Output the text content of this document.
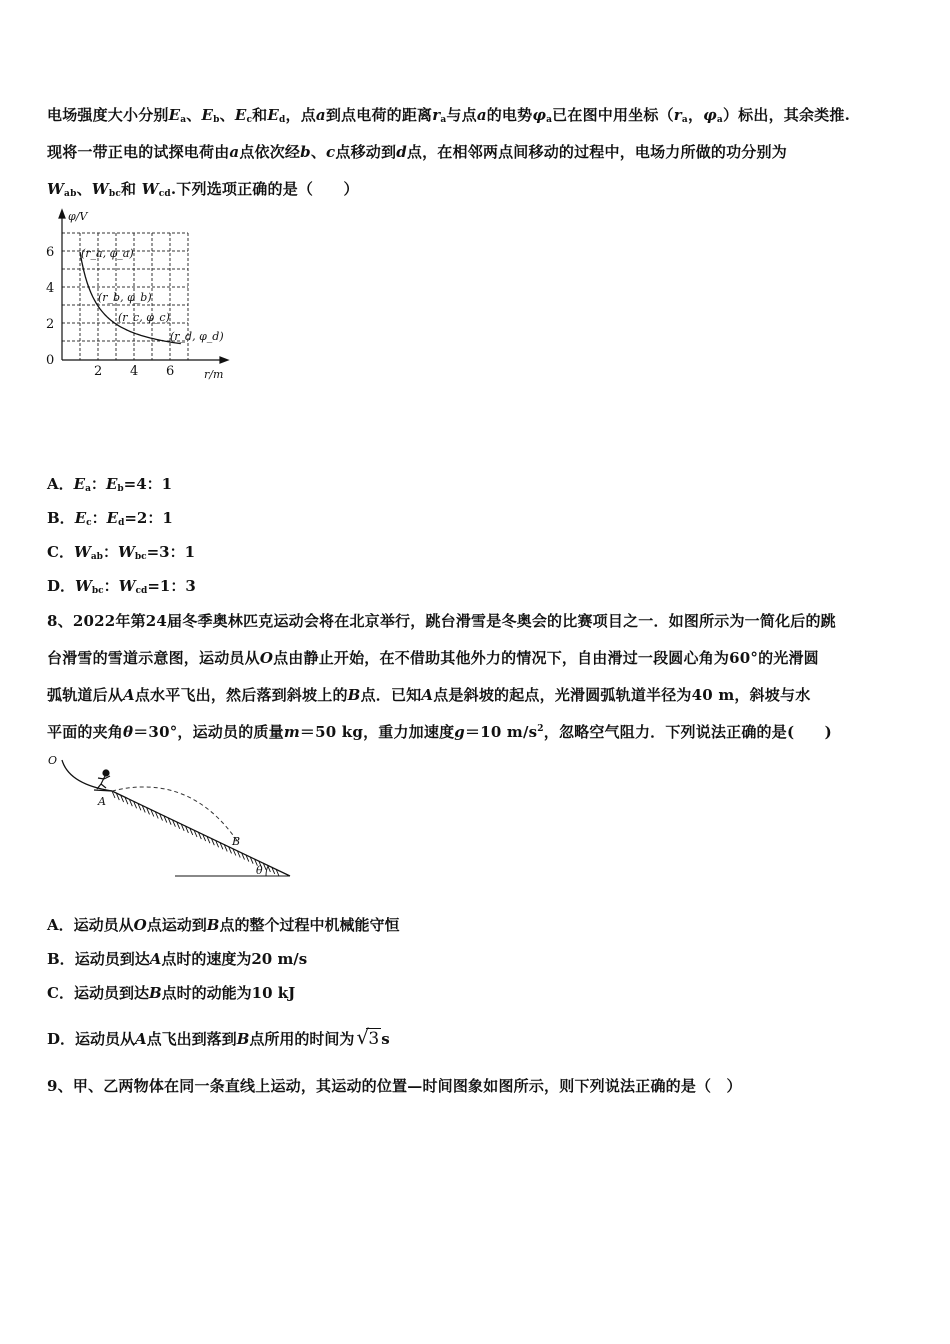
电场强度大小分别$E_a$、$E_b$、$E_c$和$E_d$，点a到点电荷的距离$r_a$与点a的电势$\varphi_a$已在图中用坐标（$r_a$，$\varphi_a$）标出，其余类推.
现将一带正电的试探电荷由a点依次经b、c点移动到d点，在相邻两点间移动的过程中，电场力所做的功分别为
$W_{ab}$、$W_{bc}$和 $W_{cd}$.下列选项正确的是（　　）
φ/V
r/m
6
4
2
0
2 4 6
(r_a, φ_a)
(r_b, φ_b)
(r_c, φ_c)
(r_d, φ_d)
A．$E_a$：$E_b=4$：1
B．$E_c$：$E_d=2$：1
C．$W_{ab}$：$W_{bc}=3$：1
D．$W_{bc}$：$W_{cd}=1$：3
8、2022年第24届冬季奥林匹克运动会将在北京举行，跳台滑雪是冬奥会的比赛项目之一．如图所示为一简化后的跳
台滑雪的雪道示意图，运动员从O点由静止开始，在不借助其他外力的情况下，自由滑过一段圆心角为60°的光滑圆
弧轨道后从A点水平飞出，然后落到斜坡上的B点．已知A点是斜坡的起点，光滑圆弧轨道半径为40 m，斜坡与水
平面的夹角θ＝30°，运动员的质量m＝50 kg，重力加速度g＝10 $m/s^2$，忽略空气阻力．下列说法正确的是(　　)
O
A
B
θ
A．运动员从O点运动到B点的整个过程中机械能守恒
B．运动员到达A点时的速度为20 m/s
C．运动员到达B点时的动能为10 kJ
D．运动员从A点飞出到落到B点所用的时间为 √ 3 s
9、甲、乙两物体在同一条直线上运动，其运动的位置—时间图象如图所示，则下列说法正确的是（　）
